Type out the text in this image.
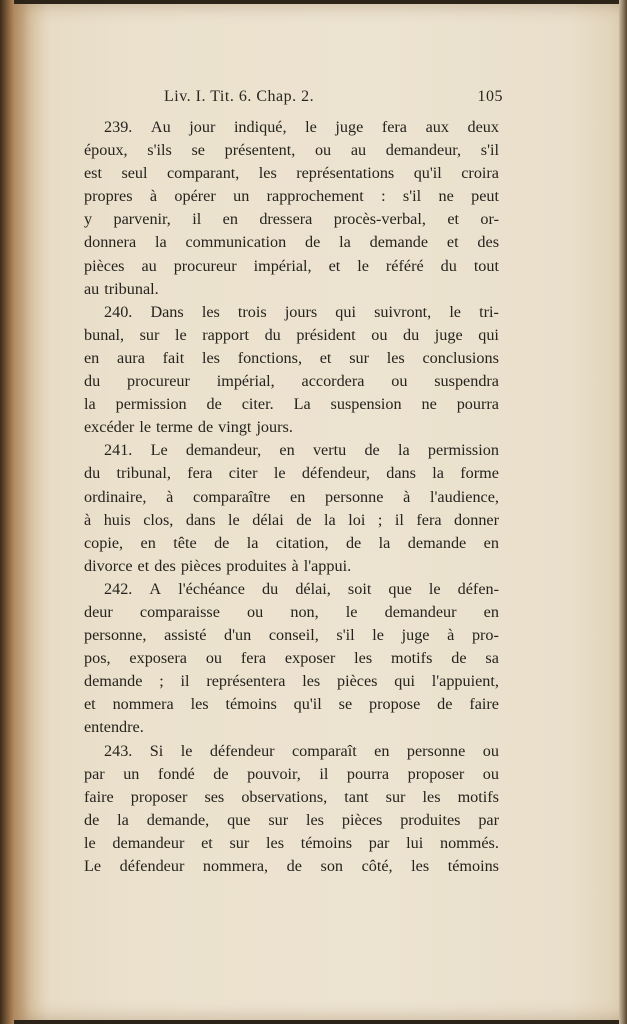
Liv. I. Tit. 6. Chap. 2.	105
239. Au jour indiqué, le juge fera aux deux
époux, s'ils se présentent, ou au demandeur, s'il
est seul comparant, les représentations qu'il croira
propres à opérer un rapprochement : s'il ne peut
y parvenir, il en dressera procès-verbal, et or-
donnera la communication de la demande et des
pièces au procureur impérial, et le référé du tout
au tribunal.
240. Dans les trois jours qui suivront, le tri-
bunal, sur le rapport du président ou du juge qui
en aura fait les fonctions, et sur les conclusions
du procureur impérial, accordera ou suspendra
la permission de citer. La suspension ne pourra
excéder le terme de vingt jours.
241. Le demandeur, en vertu de la permission
du tribunal, fera citer le défendeur, dans la forme
ordinaire, à comparaître en personne à l'audience,
à huis clos, dans le délai de la loi ; il fera donner
copie, en tête de la citation, de la demande en
divorce et des pièces produites à l'appui.
242. A l'échéance du délai, soit que le défen-
deur comparaisse ou non, le demandeur en
personne, assisté d'un conseil, s'il le juge à pro-
pos, exposera ou fera exposer les motifs de sa
demande ; il représentera les pièces qui l'appuient,
et nommera les témoins qu'il se propose de faire
entendre.
243. Si le défendeur comparaît en personne ou
par un fondé de pouvoir, il pourra proposer ou
faire proposer ses observations, tant sur les motifs
de la demande, que sur les pièces produites par
le demandeur et sur les témoins par lui nommés.
Le défendeur nommera, de son côté, les témoins
